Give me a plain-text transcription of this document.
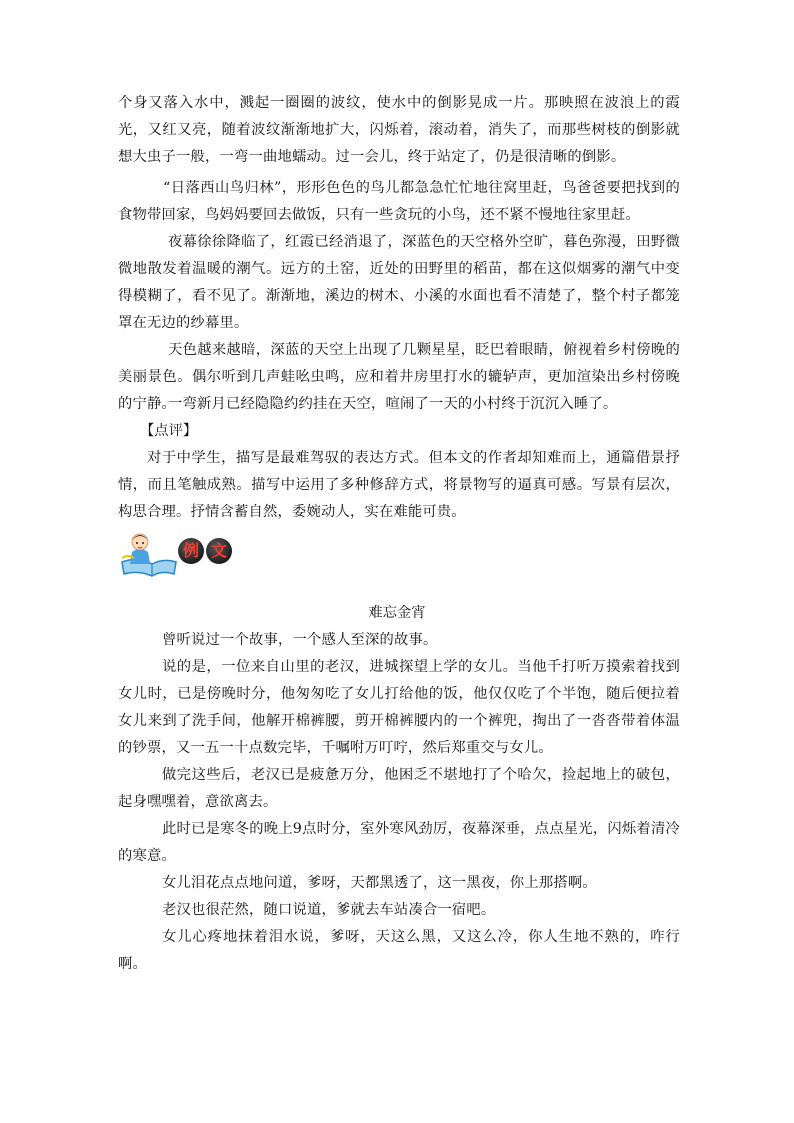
个身又落入水中，溅起一圈圈的波纹，使水中的倒影晃成一片。那映照在波浪上的霞光，又红又亮，随着波纹渐渐地扩大，闪烁着，滚动着，消失了，而那些树枝的倒影就想大虫子一般，一弯一曲地蠕动。过一会儿，终于站定了，仍是很清晰的倒影。

“日落西山鸟归林”，形形色色的鸟儿都急急忙忙地往窝里赶，鸟爸爸要把找到的食物带回家，鸟妈妈要回去做饭，只有一些贪玩的小鸟，还不紧不慢地往家里赶。

夜幕徐徐降临了，红霞已经消退了，深蓝色的天空格外空旷，暮色弥漫，田野微微地散发着温暖的潮气。远方的土窑，近处的田野里的稻苗，都在这似烟雾的潮气中变得模糊了，看不见了。渐渐地，溪边的树木、小溪的水面也看不清楚了，整个村子都笼罩在无边的纱幕里。

天色越来越暗，深蓝的天空上出现了几颗星星，眨巴着眼睛，俯视着乡村傍晚的美丽景色。偶尔听到几声蛙吆虫鸣，应和着井房里打水的辘轳声，更加渲染出乡村傍晚的宁静。

一弯新月已经隐隐约约挂在天空，喧闹了一天的小村终于沉沉入睡了。

【点评】

对于中学生，描写是最难驾驭的表达方式。但本文的作者却知难而上，通篇借景抒情，而且笔触成熟。描写中运用了多种修辞方式，将景物写的逼真可感。写景有层次，构思合理。抒情含蓄自然，委婉动人，实在难能可贵。

例 文
难忘金宵

曾听说过一个故事，一个感人至深的故事。

说的是，一位来自山里的老汉，进城探望上学的女儿。当他千打听万摸索着找到女儿时，已是傍晚时分，他匆匆吃了女儿打给他的饭，他仅仅吃了个半饱，随后便拉着女儿来到了洗手间，他解开棉裤腰，剪开棉裤腰内的一个裤兜，掏出了一沓沓带着体温的钞票，又一五一十点数完毕，千嘱咐万叮咛，然后郑重交与女儿。

做完这些后，老汉已是疲惫万分，他困乏不堪地打了个哈欠，捡起地上的破包，起身嘿嘿着，意欲离去。

此时已是寒冬的晚上9点时分，室外寒风劲厉，夜幕深垂，点点星光，闪烁着清冷的寒意。

女儿泪花点点地问道，爹呀，天都黑透了，这一黑夜，你上那搭啊。

老汉也很茫然，随口说道，爹就去车站凑合一宿吧。

女儿心疼地抹着泪水说，爹呀，天这么黑，又这么冷，你人生地不熟的，咋行啊。
